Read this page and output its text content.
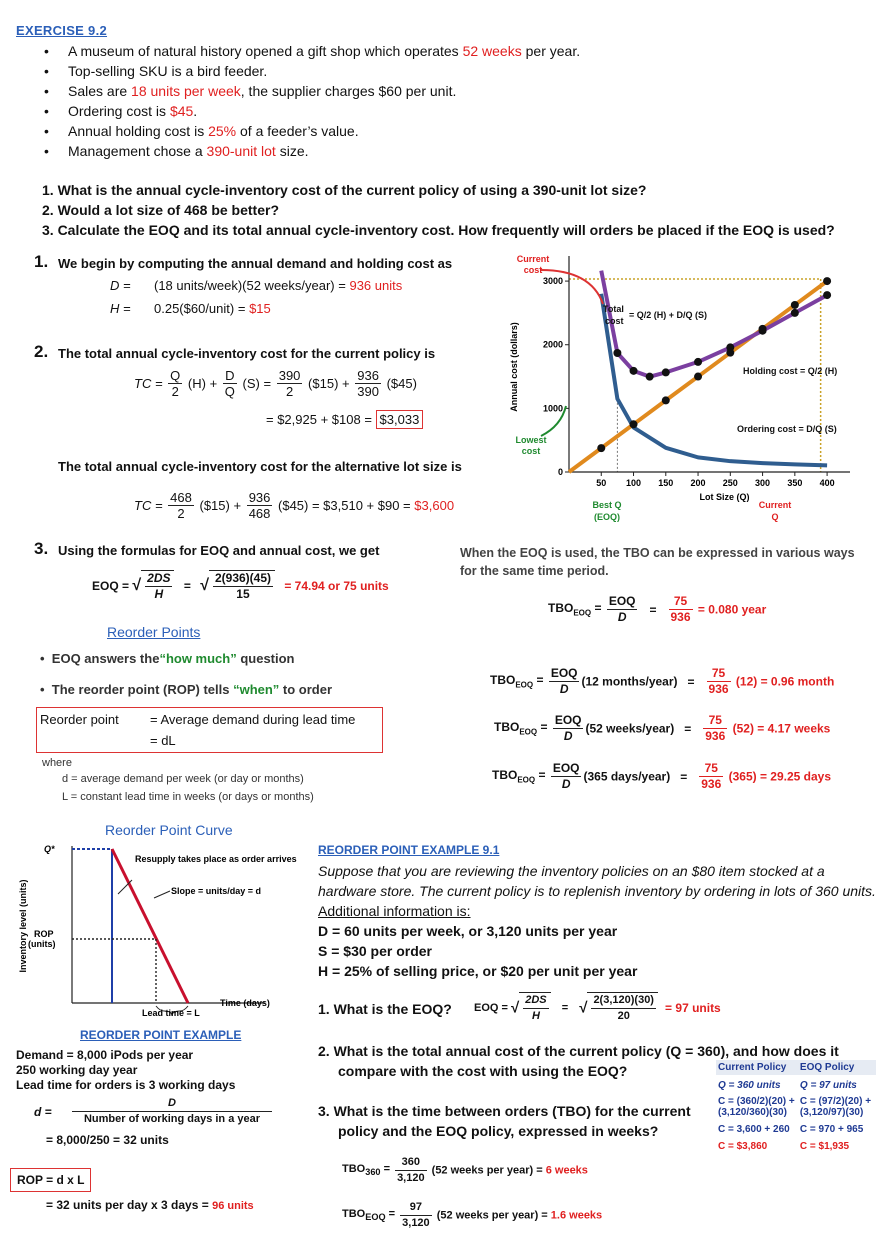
EXERCISE 9.2
• A museum of natural history opened a gift shop which operates 52 weeks per year.
• Top-selling SKU is a bird feeder.
• Sales are 18 units per week, the supplier charges $60 per unit.
• Ordering cost is $45.
• Annual holding cost is 25% of a feeder’s value.
• Management chose a 390-unit lot size.
1. What is the annual cycle-inventory cost of the current policy of using a 390-unit lot size?
2. Would a lot size of 468 be better?
3. Calculate the EOQ and its total annual cycle-inventory cost. How frequently will orders be placed if the EOQ is used?
1. We begin by computing the annual demand and holding cost as
D = (18 units/week)(52 weeks/year) = 936 units
H = 0.25($60/unit) = $15
2. The total annual cycle-inventory cost for the current policy is
TC = $\frac{Q}{2} (H) + \frac{D}{Q} (S) = \frac{390}{2}$ ($15) + $\frac{936}{390}$ ($45)
= $2,925 + $108 = $3,033
The total annual cycle-inventory cost for the alternative lot size is
TC = $\frac{468}{2}$ ($15) + $\frac{936}{468}$ ($45) = $3,510 + $90 = $3,600
3. Using the formulas for EOQ and annual cost, we get
EOQ = √ $\frac{2DS}{H}$ = √ $\frac{2(936)(45)}{15} = 74.94$ or 75 units
50 100 150 200 250 300 350 400
0
1000
2000
3000
Lot Size (Q)
Annual cost (dollars)
Current
cost
Lowest
cost
Best Q
(EOQ)
Current
Q
Total
cost
= Q/2 (H) + D/Q (S)
Holding cost = Q/2 (H)
Ordering cost = D/Q (S)
When the EOQ is used, the TBO can be expressed in various ways for the same time period.
$TBO_{EOQ} = \frac{\text{EOQ}}{D} = \frac{75}{936} = 0.080$ year
$TBO_{EOQ} = \frac{\text{EOQ}}{D} (12$ months/year) = $\frac{75}{936} (12) = 0.96$ month
$TBO_{EOQ} = \frac{\text{EOQ}}{D} (52$ weeks/year) = $\frac{75}{936} (52) = 4.17$ weeks
$TBO_{EOQ} = \frac{\text{EOQ}}{D} (365$ days/year) = $\frac{75}{936} (365) = 29.25$ days
Reorder Points
•  EOQ answers the“how much” question
•  The reorder point (ROP) tells “when” to order
Reorder point = Average demand during lead time
= dL
where
d = average demand per week (or day or months)
L = constant lead time in weeks (or days or months)
Reorder Point Curve
Inventory level (units)
Q*
ROP
(units)
Resupply takes place as order arrives
Slope = units/day = d
Lead time = L
Time (days)
REORDER POINT EXAMPLE
Demand = 8,000 iPods per year
250 working day year
Lead time for orders is 3 working days
d =
D
Number of working days in a year
= 8,000/250 = 32 units
ROP = d x L
= 32 units per day x 3 days = 96 units
REORDER POINT EXAMPLE 9.1
Suppose that you are reviewing the inventory policies on an $80 item stocked at a hardware store. The current policy is to replenish inventory by ordering in lots of 360 units. Additional information is:
D = 60 units per week, or 3,120 units per year
S = $30 per order
H = 25% of selling price, or $20 per unit per year
1. What is the EOQ? EOQ = √ $\frac{2DS}{H}$ = √ $\frac{2(3,120)(30)}{20} = 97$ units
2. What is the total annual cost of the current policy (Q = 360), and how does it
compare with the cost with using the EOQ?
3. What is the time between orders (TBO) for the current
policy and the EOQ policy, expressed in weeks?
Current Policy	EOQ Policy
Q = 360 units	Q = 97 units
C = (360/2)(20) + (3,120/360)(30)
C = (97/2)(20) + (3,120/97)(30)
C = 3,600 + 260	C = 970 + 965
C = $3,860	C = $1,935
$TBO_{360} = \frac{360}{3,120} (52$ weeks per year) = 6 weeks
$TBO_{EOQ} = \frac{97}{3,120} (52$ weeks per year) = 1.6 weeks
